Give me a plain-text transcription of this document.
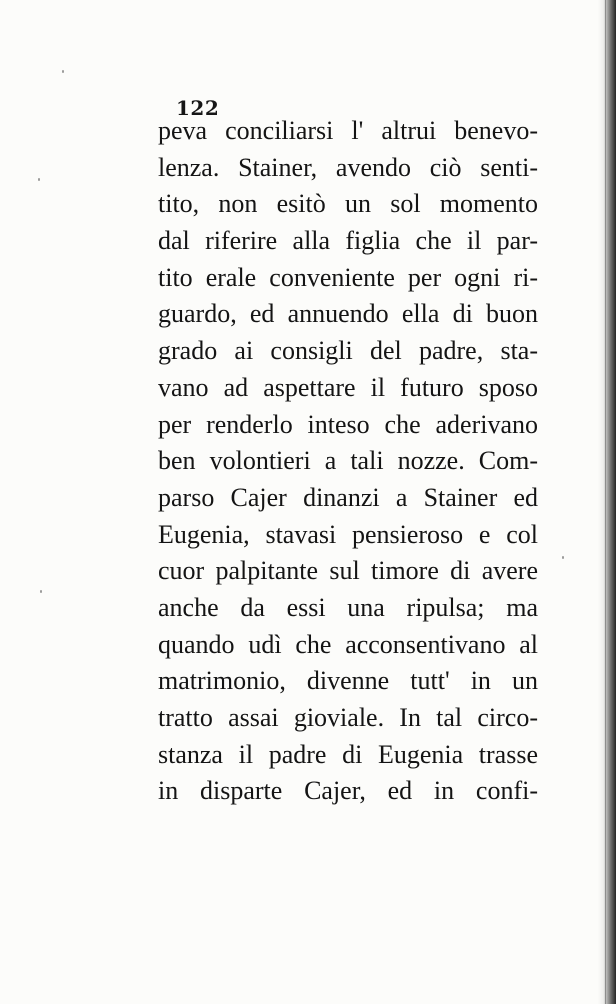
122
peva conciliarsi l' altrui benevo-
lenza. Stainer, avendo ciò senti-
tito, non esitò un sol momento
dal riferire alla figlia che il par-
tito erale conveniente per ogni ri-
guardo, ed annuendo ella di buon
grado ai consigli del padre, sta-
vano ad aspettare il futuro sposo
per renderlo inteso che aderivano
ben volontieri a tali nozze. Com-
parso Cajer dinanzi a Stainer ed
Eugenia, stavasi pensieroso e col
cuor palpitante sul timore di avere
anche da essi una ripulsa; ma
quando udì che acconsentivano al
matrimonio, divenne tutt' in un
tratto assai gioviale. In tal circo-
stanza il padre di Eugenia trasse
in disparte Cajer, ed in confi-
